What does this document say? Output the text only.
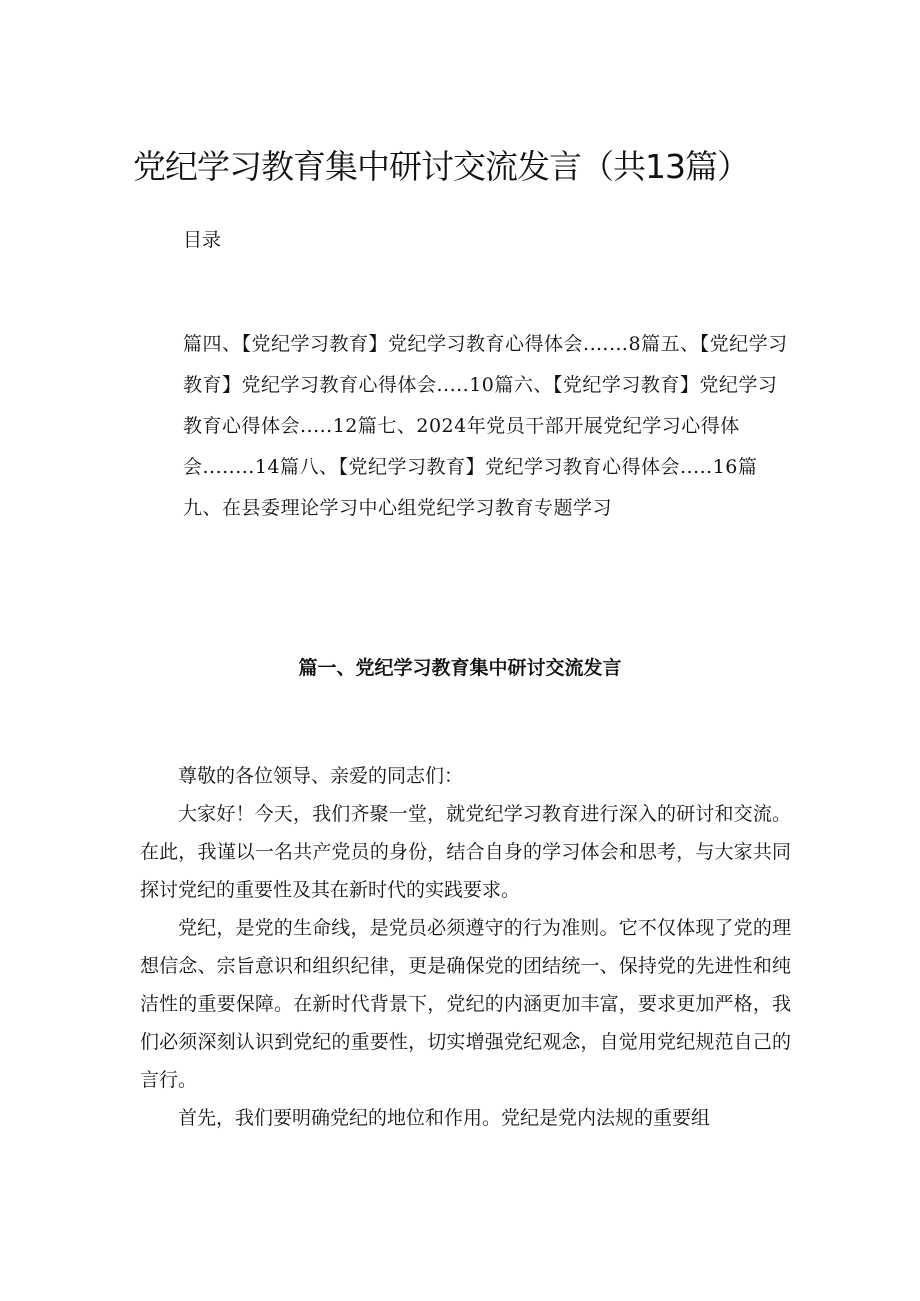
党纪学习教育集中研讨交流发言（共13篇）
目录

篇四、【党纪学习教育】党纪学习教育心得体会.……8篇五、【党纪学习教育】党纪学习教育心得体会.....10篇六、【党纪学习教育】党纪学习教育心得体会.....12篇七、2024年党员干部开展党纪学习心得体会........14篇八、【党纪学习教育】党纪学习教育心得体会.....16篇九、在县委理论学习中心组党纪学习教育专题学习

篇一、党纪学习教育集中研讨交流发言

尊敬的各位领导、亲爱的同志们：

大家好！今天，我们齐聚一堂，就党纪学习教育进行深入的研讨和交流。在此，我谨以一名共产党员的身份，结合自身的学习体会和思考，与大家共同探讨党纪的重要性及其在新时代的实践要求。

党纪，是党的生命线，是党员必须遵守的行为准则。它不仅体现了党的理想信念、宗旨意识和组织纪律，更是确保党的团结统一、保持党的先进性和纯洁性的重要保障。在新时代背景下，党纪的内涵更加丰富，要求更加严格，我们必须深刻认识到党纪的重要性，切实增强党纪观念，自觉用党纪规范自己的言行。

首先，我们要明确党纪的地位和作用。党纪是党内法规的重要组
